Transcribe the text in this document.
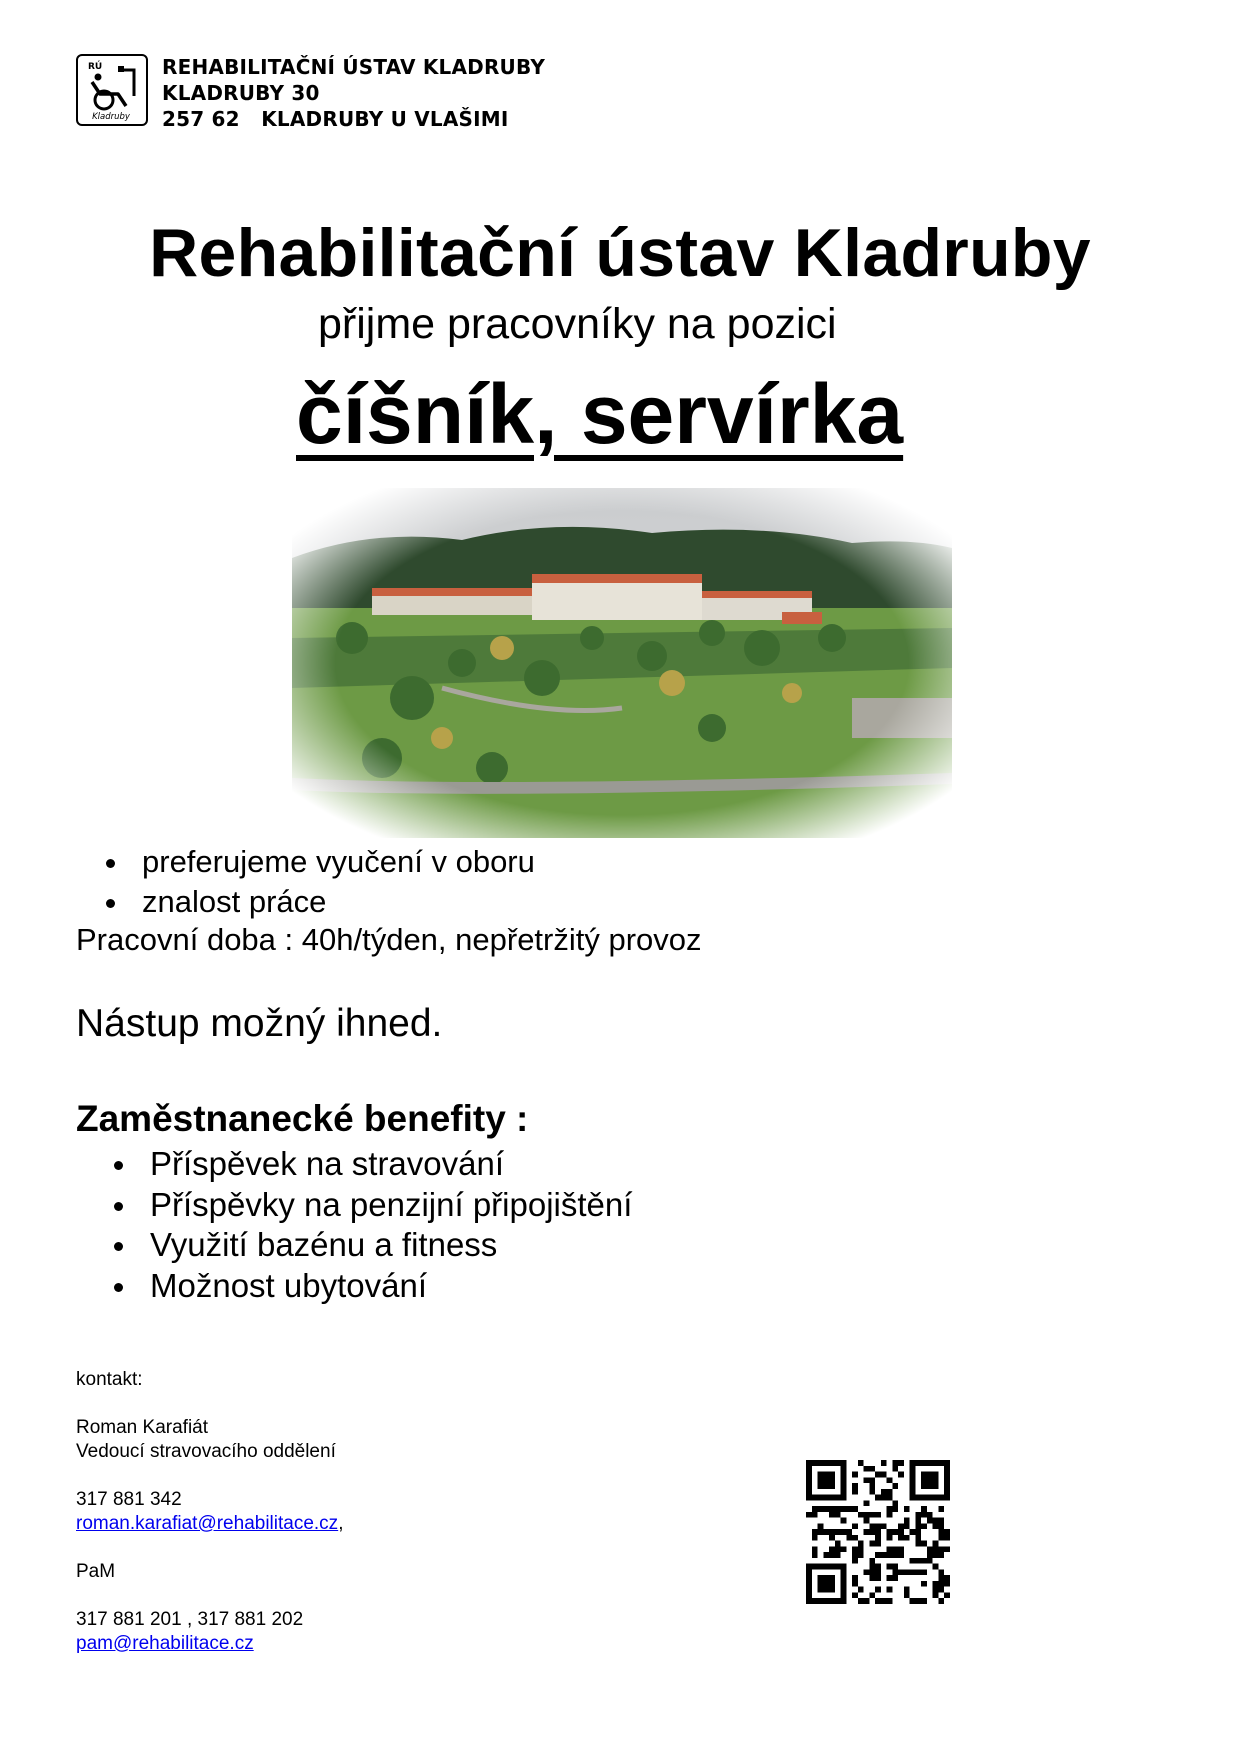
RÚ
Kladruby
REHABILITAČNÍ ÚSTAV KLADRUBY
KLADRUBY 30
257 62   KLADRUBY U VLAŠIMI
Rehabilitační ústav Kladruby
přijme pracovníky na pozici
číšník, servírka
preferujeme vyučení v oboru
znalost práce
Pracovní doba : 40h/týden, nepřetržitý provoz
Nástup možný ihned.
Zaměstnanecké benefity :
Příspěvek na stravování
Příspěvky na penzijní připojištění
Využití bazénu a fitness
Možnost ubytování
kontakt:
Roman Karafiát
Vedoucí stravovacího oddělení
317 881 342
roman.karafiat@rehabilitace.cz,
PaM
317 881 201 , 317 881 202
pam@rehabilitace.cz
